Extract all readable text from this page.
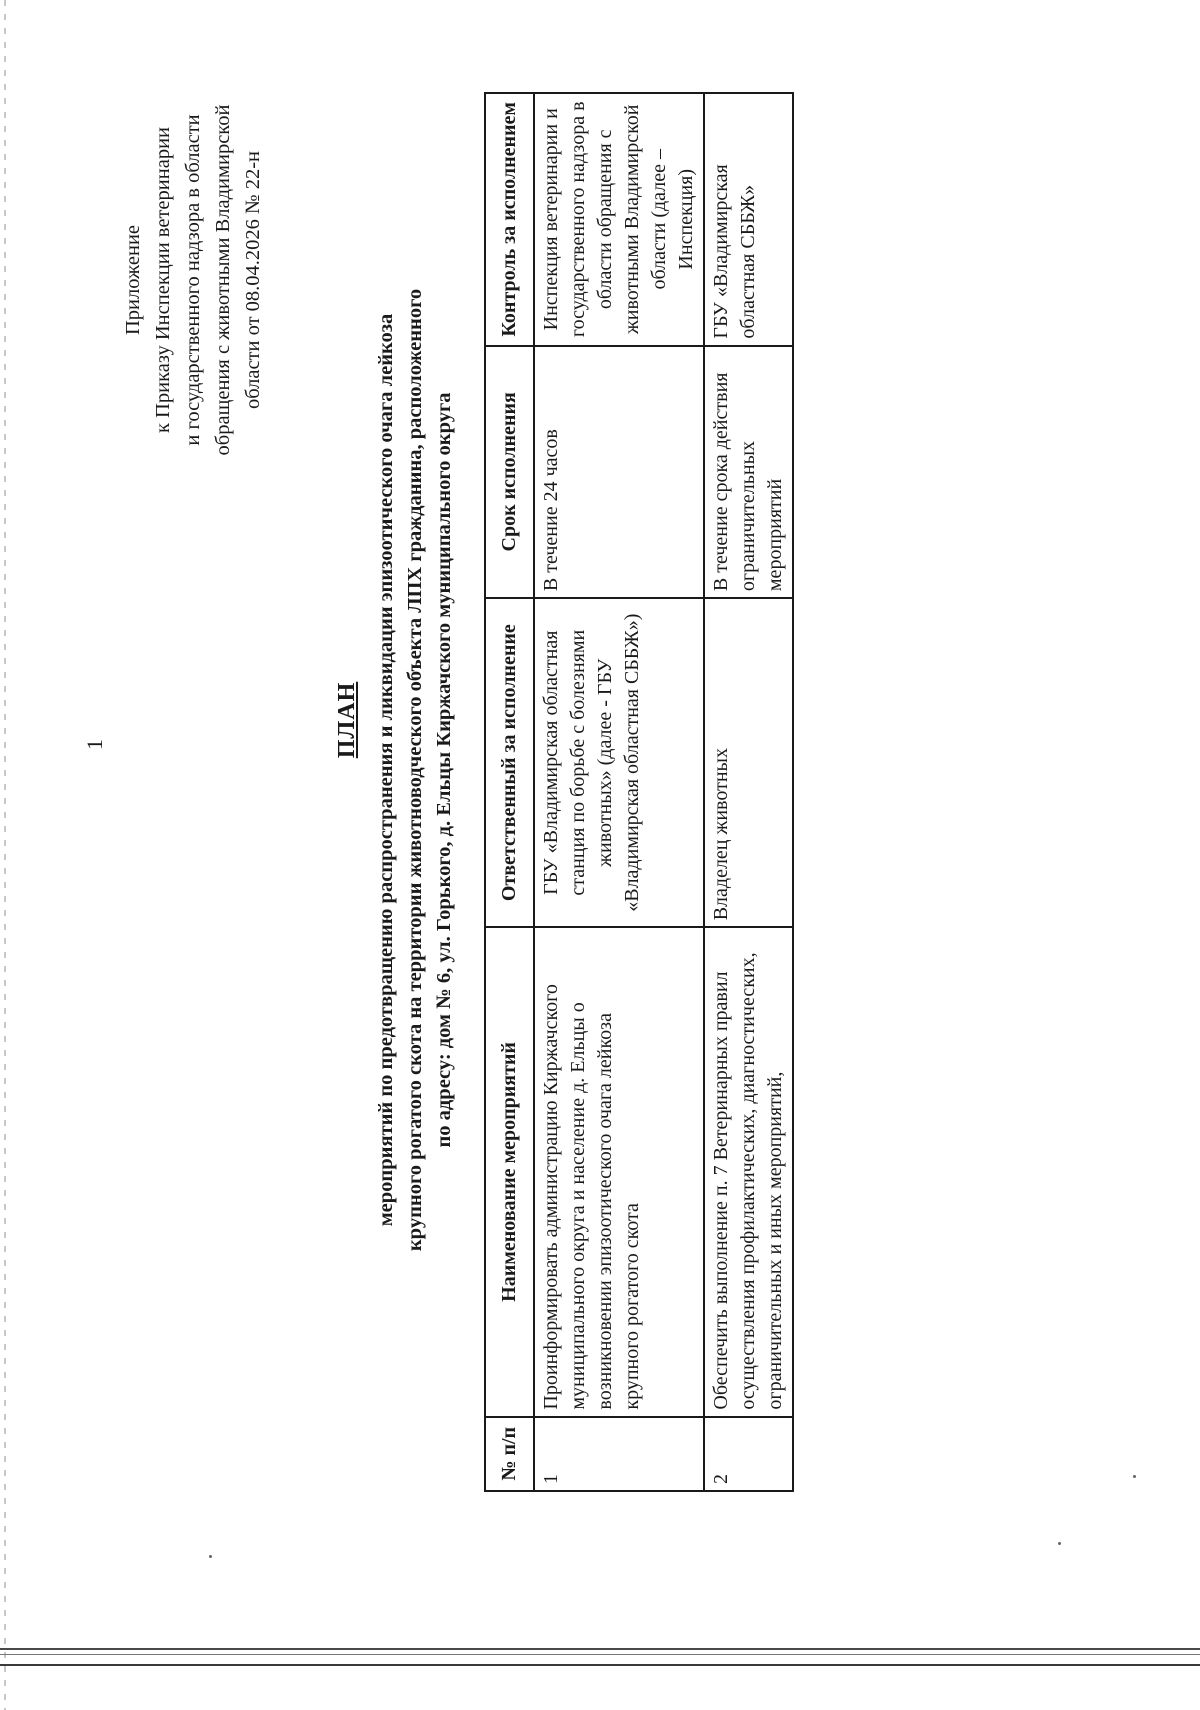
1
Приложение к Приказу Инспекции ветеринарии и государственного надзора в области обращения с животными Владимирской области от 08.04.2026 № 22-н
ПЛАН мероприятий по предотвращению распространения и ликвидации эпизоотического очага лейкоза крупного рогатого скота на территории животноводческого объекта ЛПХ гражданина, расположенного по адресу: дом № 6, ул. Горького, д. Ельцы Киржачского муниципального округа
№ п/п	Наименование мероприятий	Ответственный за исполнение	Срок исполнения	Контроль за исполнением
1	Проинформировать администрацию Киржачского муниципального округа и население д. Ельцы о возникновении эпизоотического очага лейкоза крупного рогатого скота	ГБУ «Владимирская областная станция по борьбе с болезнями животных» (далее - ГБУ «Владимирская областная СББЖ»)	В течение 24 часов	Инспекция ветеринарии и государственного надзора в области обращения с животными Владимирской области (далее – Инспекция)
2	Обеспечить выполнение п. 7 Ветеринарных правил осуществления профилактических, диагностических, ограничительных и иных мероприятий,	Владелец животных	В течение срока действия ограничительных мероприятий	ГБУ «Владимирская областная СББЖ»
